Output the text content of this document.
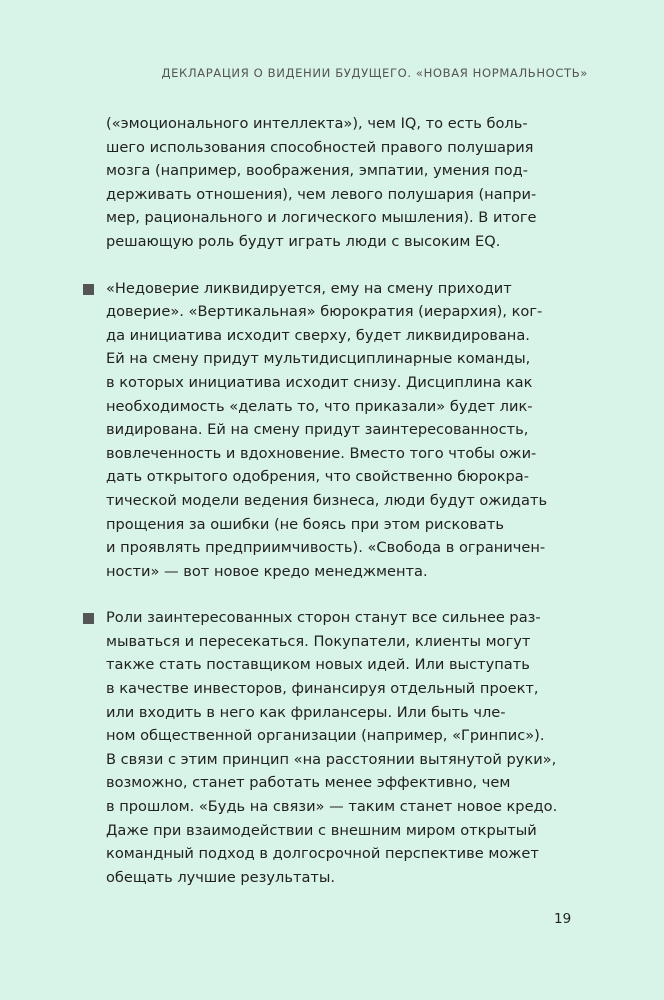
ДЕКЛАРАЦИЯ О ВИДЕНИИ БУДУЩЕГО. «НОВАЯ НОРМАЛЬНОСТЬ»
(«эмоционального интеллекта»), чем IQ, то есть боль-
шего использования способностей правого полушария
мозга (например, воображения, эмпатии, умения под-
держивать отношения), чем левого полушария (напри-
мер, рационального и логического мышления). В итоге
решающую роль будут играть люди с высоким EQ.
«Недоверие ликвидируется, ему на смену приходит
доверие». «Вертикальная» бюрократия (иерархия), ког-
да инициатива исходит сверху, будет ликвидирована.
Ей на смену придут мультидисциплинарные команды,
в которых инициатива исходит снизу. Дисциплина как
необходимость «делать то, что приказали» будет лик-
видирована. Ей на смену придут заинтересованность,
вовлеченность и вдохновение. Вместо того чтобы ожи-
дать открытого одобрения, что свойственно бюрокра-
тической модели ведения бизнеса, люди будут ожидать
прощения за ошибки (не боясь при этом рисковать
и проявлять предприимчивость). «Свобода в ограничен-
ности» — вот новое кредо менеджмента.
Роли заинтересованных сторон станут все сильнее раз-
мываться и пересекаться. Покупатели, клиенты могут
также стать поставщиком новых идей. Или выступать
в качестве инвесторов, финансируя отдельный проект,
или входить в него как фрилансеры. Или быть чле-
ном общественной организации (например, «Гринпис»).
В связи с этим принцип «на расстоянии вытянутой руки»,
возможно, станет работать менее эффективно, чем
в прошлом. «Будь на связи» — таким станет новое кредо.
Даже при взаимодействии с внешним миром открытый
командный подход в долгосрочной перспективе может
обещать лучшие результаты.
19
